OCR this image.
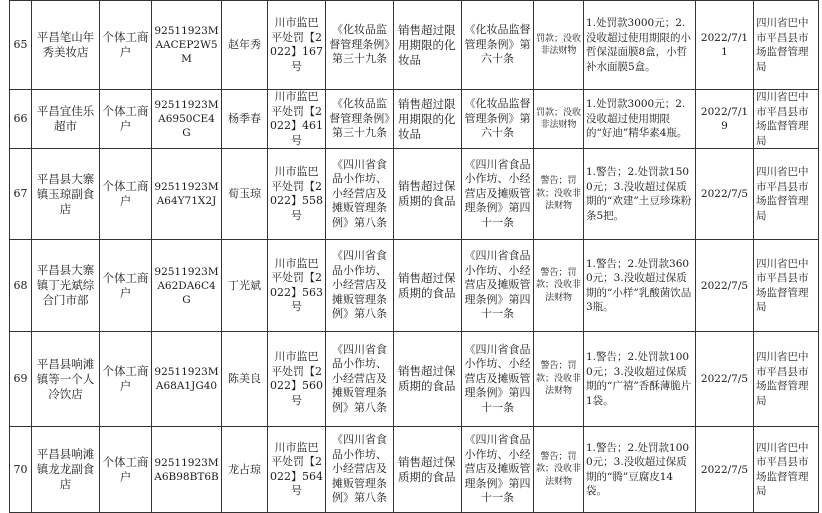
65	平昌笔山年秀美妆店	个体工商户	92511923MAACEP2W5M	赵年秀	川市监巴平处罚【2022】167号	《化妆品监督管理条例》第三十九条	销售超过限用期限的化妆品	《化妆品监督管理条例》第六十条	罚款；没收非法财物	1.处罚款3000元；2.没收超过使用期限的小哲保湿面膜8盒，小哲补水面膜5盒。	2022/7/11	四川省巴中市平昌县市场监督管理局
66	平昌宜佳乐超市	个体工商户	92511923MA6950CE4G	杨季春	川市监巴平处罚【2022】461号	《化妆品监督管理条例》第三十九条	销售超过限用期限的化妆品	《化妆品监督管理条例》第六十条	罚款；没收非法财物	1.处罚款3000元；2.没收超过使用期限的“好迪”精华素4瓶。	2022/7/19	四川省巴中市平昌县市场监督管理局
67	平昌县大寨镇玉琼副食店	个体工商户	92511923MA64Y71X2J	荀玉琼	川市监巴平处罚【2022】558号	《四川省食品小作坊、小经营店及摊贩管理条例》第八条	销售超过保质期的食品	《四川省食品小作坊、小经营店及摊贩管理条例》第四十一条	警告；罚款；没收非法财物	1.警告；2.处罚款1500元；3.没收超过保质期的“欢建”土豆珍珠粉条5把。	2022/7/5	四川省巴中市平昌县市场监督管理局
68	平昌县大寨镇丁光斌综合门市部	个体工商户	92511923MA62DA6C4G	丁光斌	川市监巴平处罚【2022】563号	《四川省食品小作坊、小经营店及摊贩管理条例》第八条	销售超过保质期的食品	《四川省食品小作坊、小经营店及摊贩管理条例》第四十一条	警告；罚款；没收非法财物	1.警告；2.处罚款3600元；3.没收超过保质期的“小样”乳酸菌饮品3瓶。	2022/7/5	四川省巴中市平昌县市场监督管理局
69	平昌县响滩镇等一个人冷饮店	个体工商户	92511923MA68A1JG40	陈美良	川市监巴平处罚【2022】560号	《四川省食品小作坊、小经营店及摊贩管理条例》第八条	销售超过保质期的食品	《四川省食品小作坊、小经营店及摊贩管理条例》第四十一条	警告；罚款；没收非法财物	1.警告；2.处罚款1000元；3.没收超过保质期的“广禧”香酥薄脆片1袋。	2022/7/5	四川省巴中市平昌县市场监督管理局
70	平昌县响滩镇龙龙副食店	个体工商户	92511923MA6B98BT6B	龙占琼	川市监巴平处罚【2022】564号	《四川省食品小作坊、小经营店及摊贩管理条例》第八条	销售超过保质期的食品	《四川省食品小作坊、小经营店及摊贩管理条例》第四十一条	警告；罚款；没收非法财物	1.警告；2.处罚款1000元；3.没收超过保质期的“腾”豆腐皮14袋。	2022/7/5	四川省巴中市平昌县市场监督管理局
